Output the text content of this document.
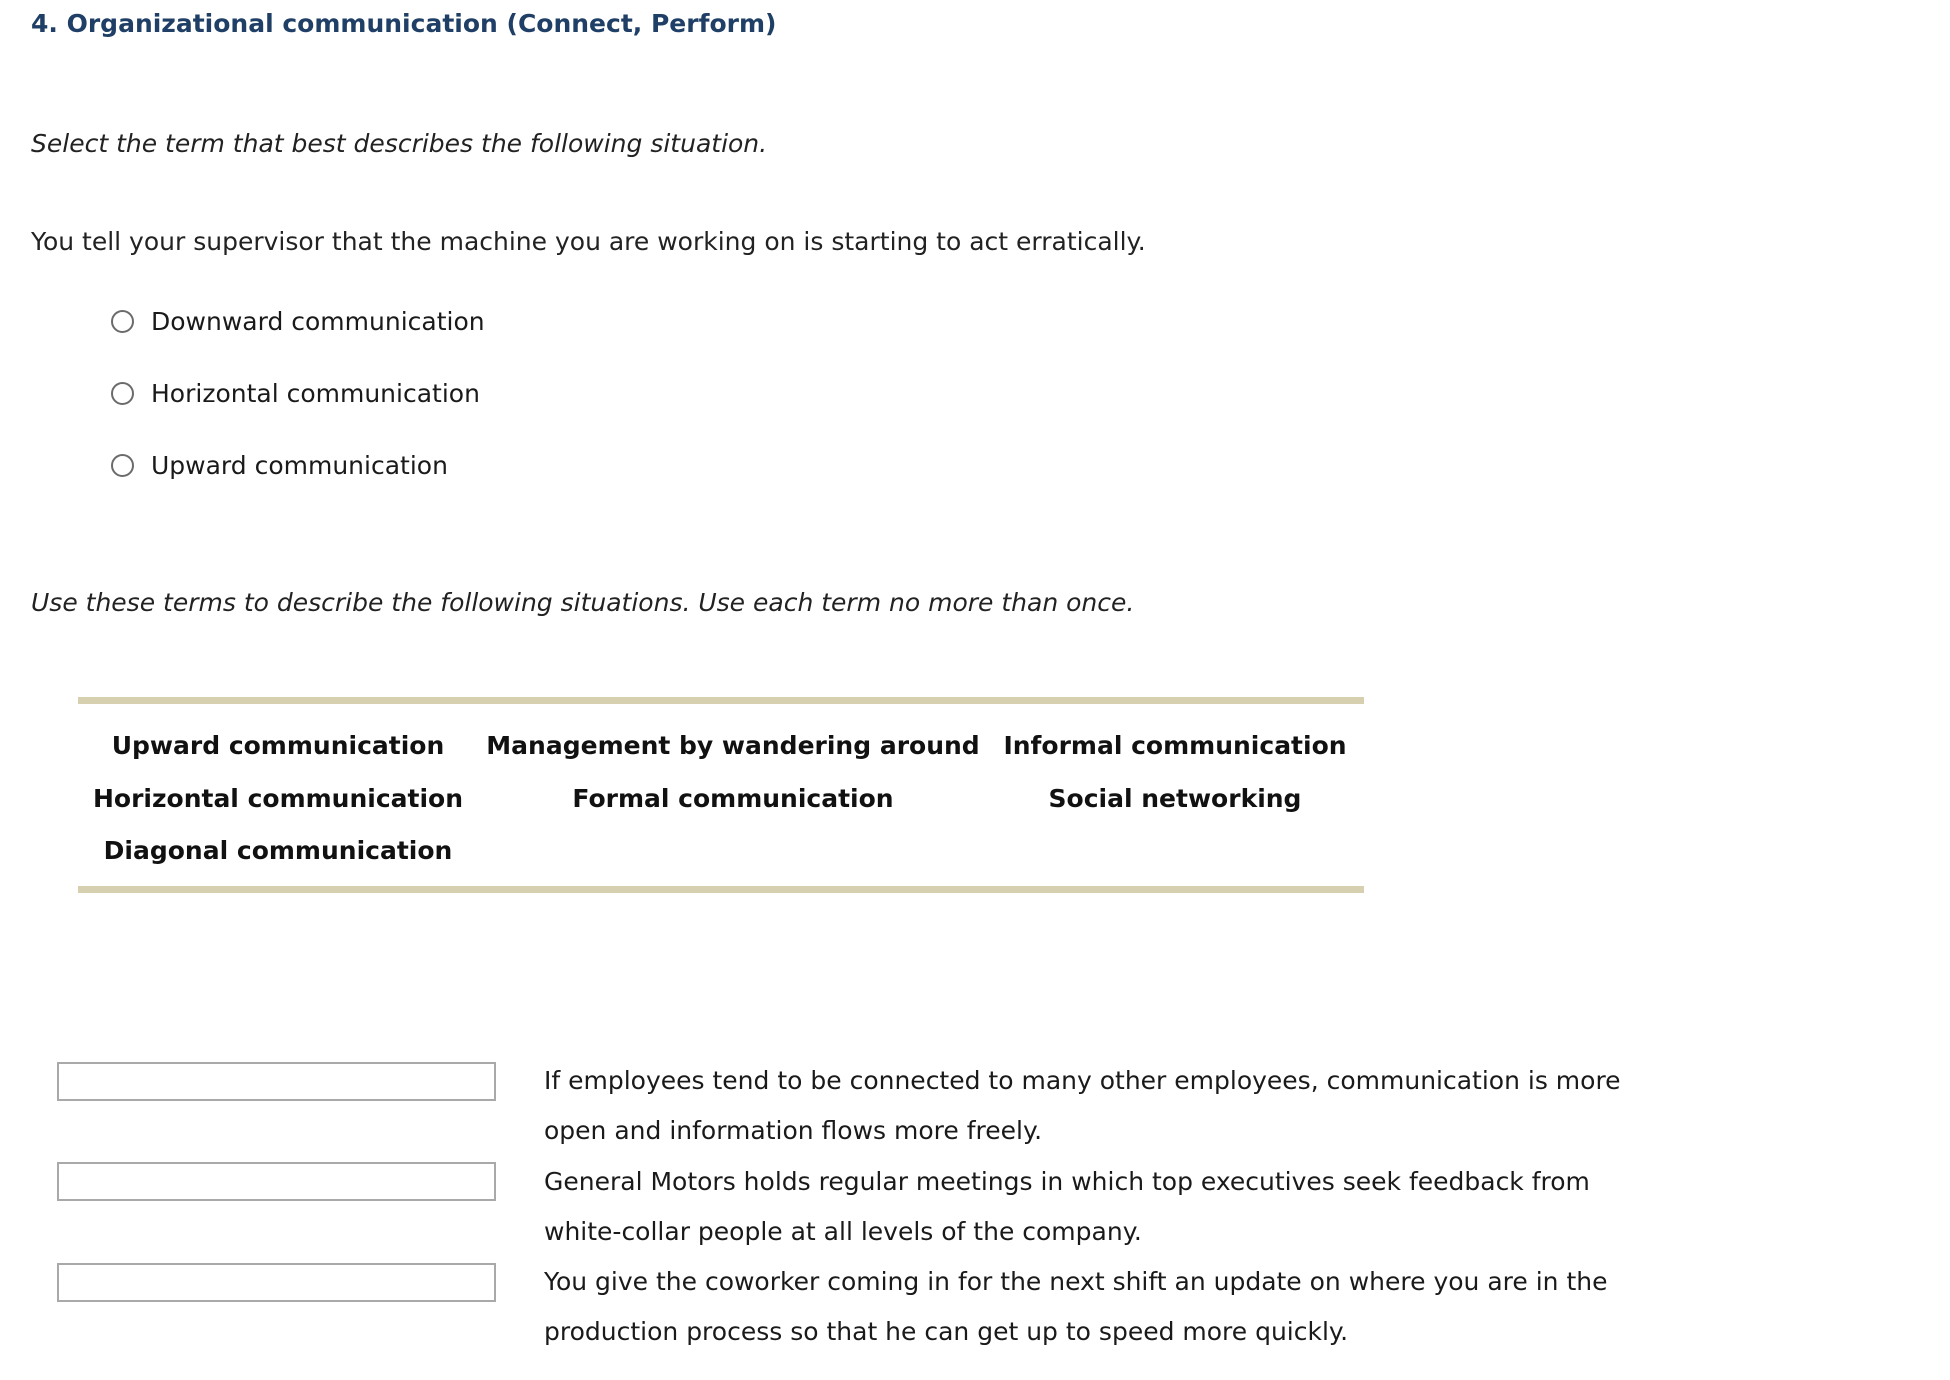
4. Organizational communication (Connect, Perform)
Select the term that best describes the following situation.
You tell your supervisor that the machine you are working on is starting to act erratically.
Downward communication
Horizontal communication
Upward communication
Use these terms to describe the following situations. Use each term no more than once.
Upward communication Management by wandering around Informal communication
Horizontal communication	Formal communication	Social networking
Diagonal communication
If employees tend to be connected to many other employees, communication is more open and information flows more freely.
General Motors holds regular meetings in which top executives seek feedback from white-collar people at all levels of the company.
You give the coworker coming in for the next shift an update on where you are in the production process so that he can get up to speed more quickly.
